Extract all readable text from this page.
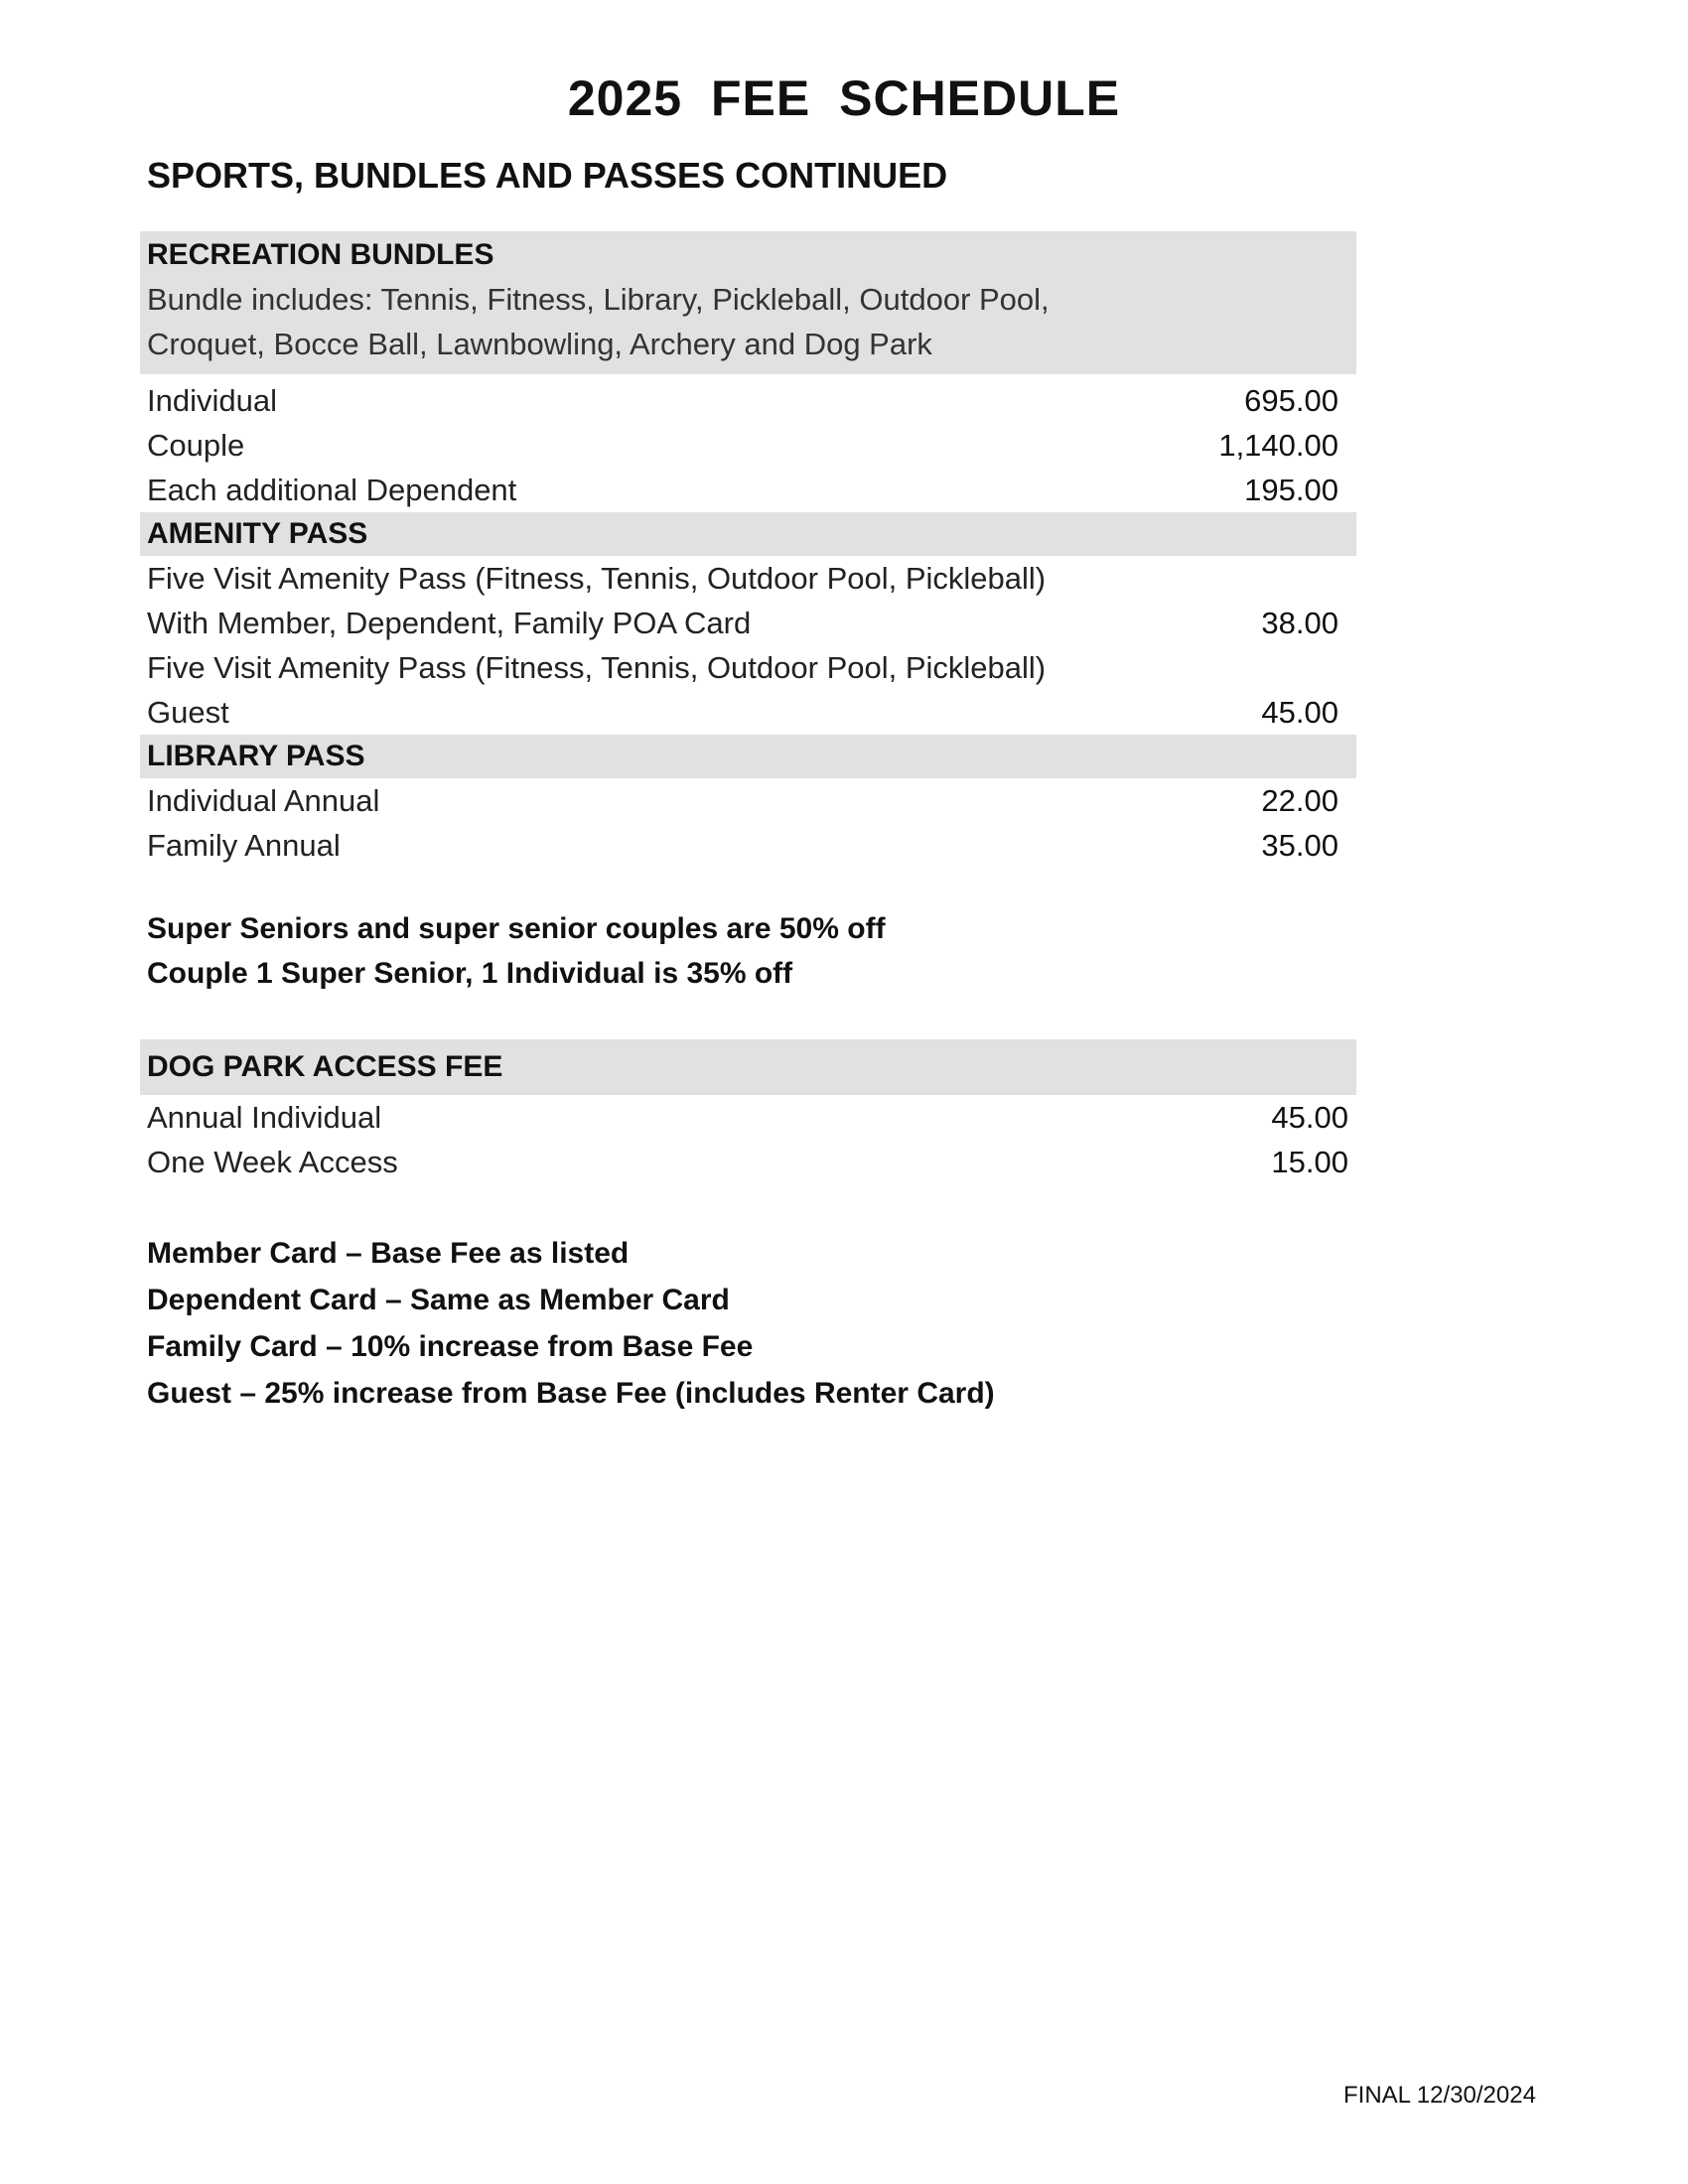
2025 FEE SCHEDULE
SPORTS, BUNDLES AND PASSES CONTINUED
RECREATION BUNDLES
Bundle includes: Tennis, Fitness, Library, Pickleball, Outdoor Pool,
Croquet, Bocce Ball, Lawnbowling, Archery and Dog Park
Individual	695.00
Couple	1,140.00
Each additional Dependent	195.00
AMENITY PASS
Five Visit Amenity Pass (Fitness, Tennis, Outdoor Pool, Pickleball)
With Member, Dependent, Family POA Card	38.00
Five Visit Amenity Pass (Fitness, Tennis, Outdoor Pool, Pickleball)
Guest	45.00
LIBRARY PASS
Individual Annual	22.00
Family Annual	35.00
Super Seniors and super senior couples are 50% off
Couple 1 Super Senior, 1 Individual is 35% off
DOG PARK ACCESS FEE
Annual Individual	45.00
One Week Access	15.00
Member Card – Base Fee as listed
Dependent Card – Same as Member Card
Family Card – 10% increase from Base Fee
Guest – 25% increase from Base Fee (includes Renter Card)
FINAL 12/30/2024
